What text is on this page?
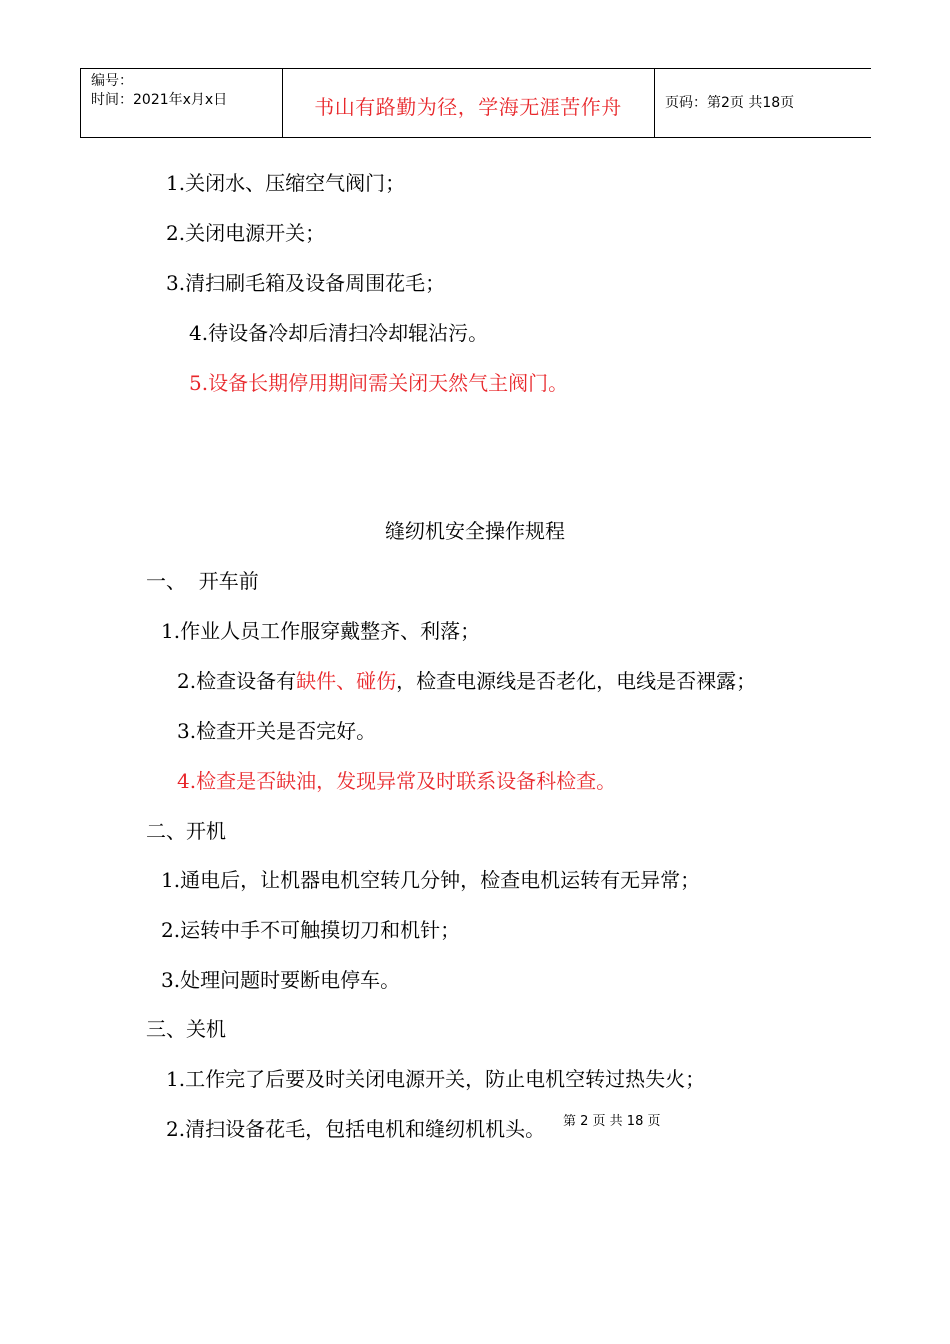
编号：
时间：2021年x月x日	书山有路勤为径，学海无涯苦作舟	页码：第2页 共18页
1.关闭水、压缩空气阀门；
2.关闭电源开关；
3.清扫刷毛箱及设备周围花毛；
4.待设备冷却后清扫冷却辊沾污。
5.设备长期停用期间需关闭天然气主阀门。
缝纫机安全操作规程
一、  开车前
1.作业人员工作服穿戴整齐、利落；
2.检查设备有缺件、碰伤，检查电源线是否老化，电线是否裸露；
3.检查开关是否完好。
4.检查是否缺油，发现异常及时联系设备科检查。
二、开机
1.通电后，让机器电机空转几分钟，检查电机运转有无异常；
2.运转中手不可触摸切刀和机针；
3.处理问题时要断电停车。
三、关机
1.工作完了后要及时关闭电源开关，防止电机空转过热失火；
2.清扫设备花毛，包括电机和缝纫机机头。 第 2 页 共 18 页
